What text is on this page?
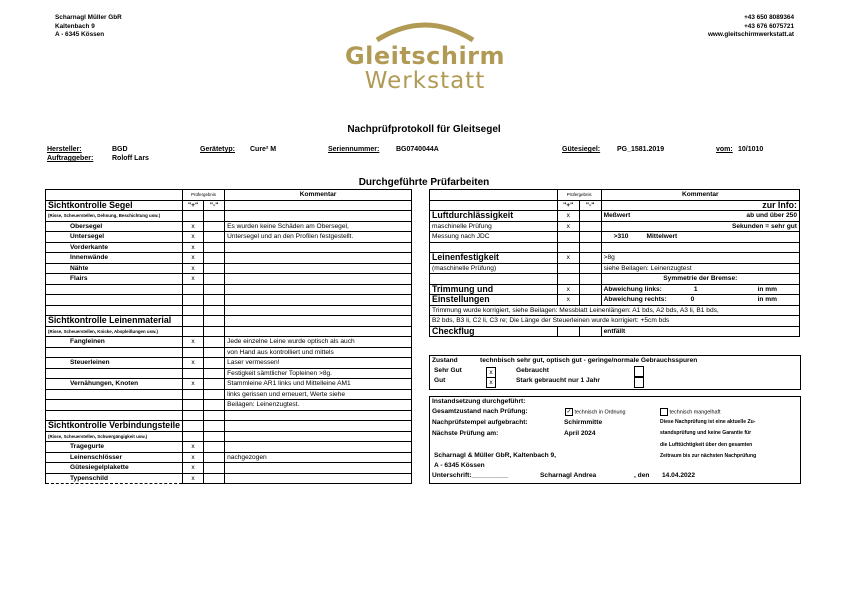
Scharnagl Müller GbR
Kaltenbach 9
A - 6345 Kössen
Gleitschirm
Werkstatt
+43 650 8089364
+43 676 6075721
www.gleitschirmwerkstatt.at
Nachprüfprotokoll für Gleitsegel
Hersteller:	BGD	Gerätetyp: Cure² M	Seriennummer: BG0740044A	Gütesiegel: PG_1581.2019	vom: 10/1010
Auftraggeber:	Roloff Lars
Durchgeführte Prüfarbeiten
	Prüfergebnis		Kommentar
Sichtkontrolle Segel	"+"	"-"	
(Risse, Scheuerstellen, Dehnung, Beschichtung usw.)			
Obersegel	x		Es wurden keine Schäden am Obersegel,
Untersegel	x		Untersegel und an den Profilen festgestellt.
Vorderkante	x		
Innenwände	x		
Nähte	x		
Flairs	x		

Sichtkontrolle Leinenmaterial			
(Risse, Scheuerstellen, Knicke, Abspleißungen usw.)			
Fangleinen	x		Jede einzelne Leine wurde optisch als auch
			von Hand aus kontrolliert und mittels
Steuerleinen	x		Laser vermessen!
			Festigkeit sämtlicher Topleinen >8g.
Vernähungen, Knoten	x		Stammleine AR1 links und Mittelleine AM1
			links gerissen und erneuert, Werte siehe
			Beilagen: Leinenzugtest.

Sichtkontrolle Verbindungsteile			
(Risse, Scheuerstellen, Schwergängigkeit usw.)			
Tragegurte	x		
Leinenschlösser	x		nachgezogen
Gütesiegelplakette	x		
Typenschild	x		
	Prüfergebnis		Kommentar
	"+"	"-"	zur Info:
Luftdurchlässigkeit	x		Meßwert ab und über 250

maschinelle Prüfung	x		Sekunden = sehr gut
Messung nach JDC			>310 Mittelwert

Leinenfestigkeit	x		>8g
(maschinelle Prüfung)			siehe Beilagen: Leinenzugtest
			Symmetrie der Bremse:
Trimmung und	x		Abweichung links: 1 in mm

Einstellungen	x		Abweichung rechts: 0 in mm

Trimmung wurde korrigiert, siehe Beilagen: Messblatt Leinenlängen: A1 bds, A2 bds, A3 li, B1 bds,			
B2 bds, B3 li, C2 li, C3 re; Die Länge der Steuerleinen wurde korrigiert: +5cm bds			
Checkflug			entfällt
Zustand	technbisch sehr gut, optisch gut - geringe/normale Gebrauchsspuren
Sehr Gut	x	Gebraucht
Gut	x	Stark gebraucht nur 1 Jahr
Instandsetzung durchgeführt:
Gesamtzustand nach Prüfung:	✓ technisch in Ordnung	technisch mangelhaft
Nachprüfstempel aufgebracht:	Schirmmitte
Nächste Prüfung am:	April 2024
Diese Nachprüfung ist eine aktuelle Zu-
standsprüfung und keine Garantie für
die Lufttüchtigkeit über den gesamten
Zeitraum bis zur nächsten Nachprüfung
Scharnagl & Müller GbR, Kaltenbach 9,
A - 6345 Kössen
Unterschrift:__________	Scharnagl Andrea	, den 14.04.2022
